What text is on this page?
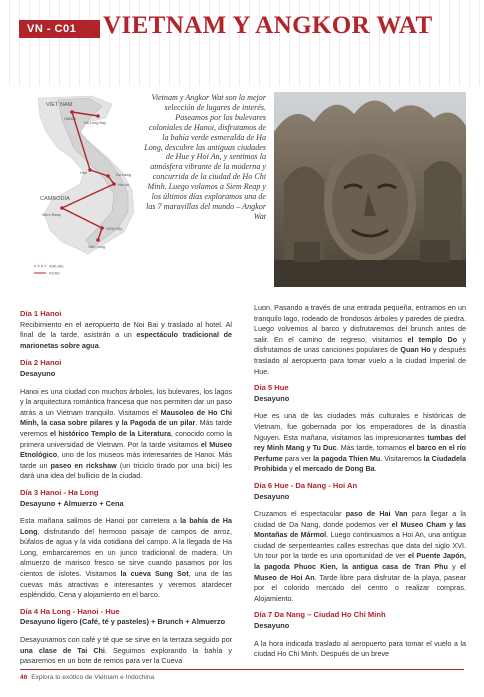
VN - C01	VIETNAM Y ANGKOR WAT
VIET NAM
CAMBODIA
HANOI
Ha Long Bay
Hue	Da Nang
Hoi An
Siem Reap
HCM City
Vinh Long
AIRLINE
ROAD
Vietnam y Angkor Wat son la mejor selección de lugares de interés. Paseamos por los bulevares coloniales de Hanoi, disfrutamos de la bahía verde esmeralda de Ha Long, descubre las antiguas ciudades de Hue y Hoi An, y sentimos la atmósfera vibrante de la moderna y concurrida de la ciudad de Ho Chi Minh. Luego volamos a Siem Reap y los últimos días exploramos una de las 7 maravillas del mundo – Angkor Wat
Día 1 Hanoi
Recibimiento en el aeropuerto de Noi Bai y traslado al hotel. Al final de la tarde, asistirán a un espectáculo tradicional de marionetas sobre agua.
Día 2 Hanoi
Desayuno
Hanoi es una ciudad con muchos árboles, los bulevares, los lagos y la arquitectura romántica francesa que nos permiten dar un paso atrás a un Vietnam tranquilo. Visitamos el Mausoleo de Ho Chi Minh, la casa sobre pilares y la Pagoda de un pilar. Más tarde veremos el histórico Templo de la Literatura, conocido como la primera universidad de Vietnam. Por la tarde visitamos el Museo Etnológico, uno de los museos más interesantes de Hanoi. Más tarde un paseo en rickshaw (un triciclo tirado por una bici) les dará una idea del bullicio de la ciudad.
Día 3 Hanoi - Ha Long
Desayuno + Almuerzo + Cena
Esta mañana salimos de Hanoi por carretera a la bahía de Ha Long, disfrutando del hermoso paisaje de campos de arroz, búfalos de agua y la vida cotidiana del campo. A la llegada de Ha Long, embarcaremos en un junco tradicional de madera. Un almuerzo de marisco fresco se sirve cuando pasamos por los cientos de islotes. Visitamos la cueva Sung Sot, una de las cuevas más atractivas e interesantes y veremos atardecer espléndido. Cena y alojamiento en el barco.
Día 4 Ha Long - Hanoi - Hue
Desayuno ligero (Café, té y pasteles) + Brunch + Almuerzo
Desayunamos con café y té que se sirve en la terraza seguido por una clase de Tai Chi. Seguimos explorando la bahía y pasaremos en un bote de remos para ver la Cueva
Luon. Pasando a través de una entrada pequeña, entramos en un tranquilo lago, rodeado de frondosos árboles y paredes de piedra. Luego volvemos al barco y disfrutaremos del brunch antes de salir. En el camino de regreso, visitamos el templo Do y disfrutamos de unas canciones populares de Quan Ho y después traslado al aeropuerto para tomar vuelo a la ciudad imperial de Hue.
Día 5 Hue
Desayuno
Hue es una de las ciudades más culturales e históricas de Vietnam, fue gobernada por los emperadores de la dinastía Nguyen. Esta mañana, visitamos las impresionantes tumbas del rey Minh Mang y Tu Duc. Más tarde, tomamos el barco en el río Perfume para ver la pagoda Thien Mu. Visitaremos la Ciudadela Prohibida y el mercado de Dong Ba.
Día 6 Hue - Da Nang - Hoi An
Desayuno
Cruzamos el espectacular paso de Hai Van para llegar a la ciudad de Da Nang, donde podemos ver el Museo Cham y las Montañas de Mármol. Luego continuamos a Hoi An, una antigua ciudad de serpenteantes calles estrechas que data del siglo XVI. Un tour por la tarde es una oportunidad de ver el Puente Japón, la pagoda Phuoc Kien, la antigua casa de Tran Phu y el Museo de Hoi An. Tarde libre para disfrutar de la playa, pasear por el colorido mercado del centro o realizar compras. Alojamiento.
Día 7 Da Nang – Ciudad Ho Chi Minh
Desayuno
A la hora indicada traslado al aeropuerto para tomar el vuelo a la ciudad Ho Chi Minh. Después de un breve
46 Explora lo exótico de Vietnam e Indochina
